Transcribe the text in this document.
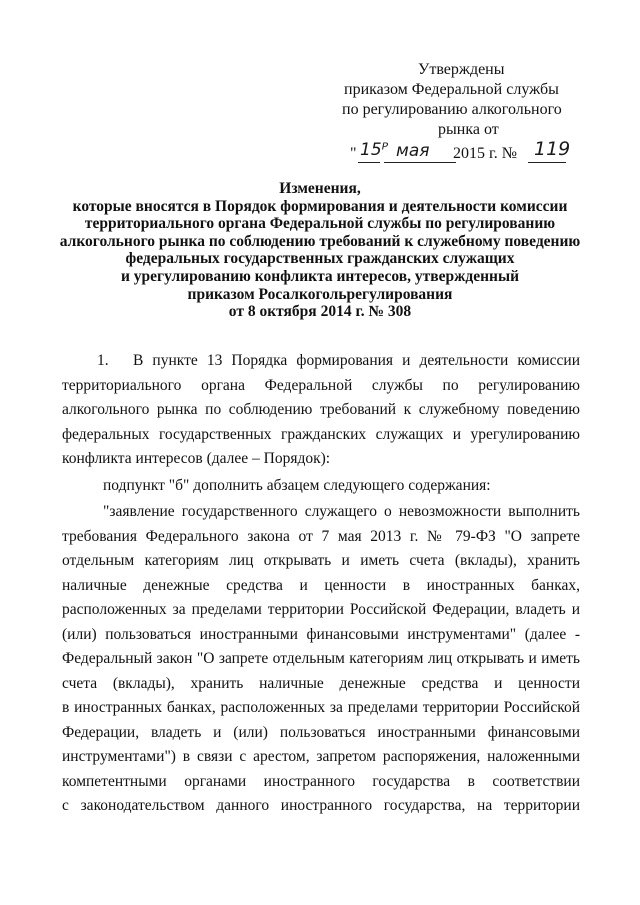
Утверждены
приказом Федеральной службы
по регулированию алкогольного
рынка от
" 15ᴾ мая 2015 г. № 119
Изменения,
которые вносятся в Порядок формирования и деятельности комиссии
территориального органа Федеральной службы по регулированию
алкогольного рынка по соблюдению требований к служебному поведению
федеральных государственных гражданских служащих
и урегулированию конфликта интересов, утвержденный
приказом Росалкогольрегулирования
от 8 октября 2014 г. № 308
1. В пункте 13 Порядка формирования и деятельности комиссии
территориального органа Федеральной службы по регулированию
алкогольного рынка по соблюдению требований к служебному поведению
федеральных государственных гражданских служащих и урегулированию
конфликта интересов (далее – Порядок):
подпункт "б" дополнить абзацем следующего содержания:
"заявление государственного служащего о невозможности выполнить
требования Федерального закона от 7 мая 2013 г. № 79-ФЗ "О запрете
отдельным категориям лиц открывать и иметь счета (вклады), хранить
наличные денежные средства и ценности в иностранных банках,
расположенных за пределами территории Российской Федерации, владеть и
(или) пользоваться иностранными финансовыми инструментами" (далее -
Федеральный закон "О запрете отдельным категориям лиц открывать и иметь
счета (вклады), хранить наличные денежные средства и ценности
в иностранных банках, расположенных за пределами территории Российской
Федерации, владеть и (или) пользоваться иностранными финансовыми
инструментами") в связи с арестом, запретом распоряжения, наложенными
компетентными органами иностранного государства в соответствии
с законодательством данного иностранного государства, на территории
